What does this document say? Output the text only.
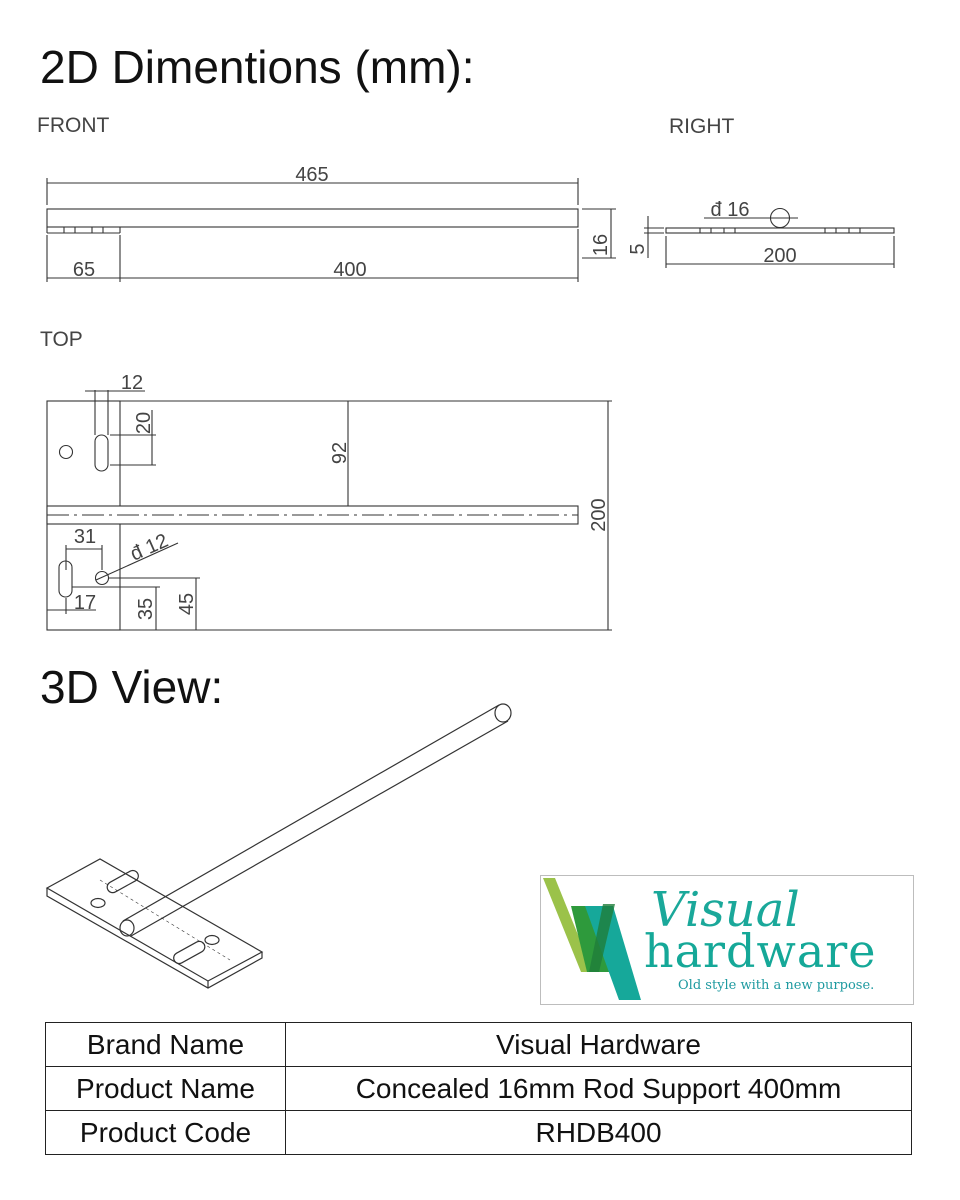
2D Dimentions (mm):
FRONT	RIGHT
TOP
3D View:
465
65	400
16
đ 16
5	200
12
20
92
200
31 đ 12
17 35 45
Visual
hardware
Old style with a new purpose.
Brand Name	Visual Hardware
Product Name	Concealed 16mm Rod Support 400mm
Product Code	RHDB400
